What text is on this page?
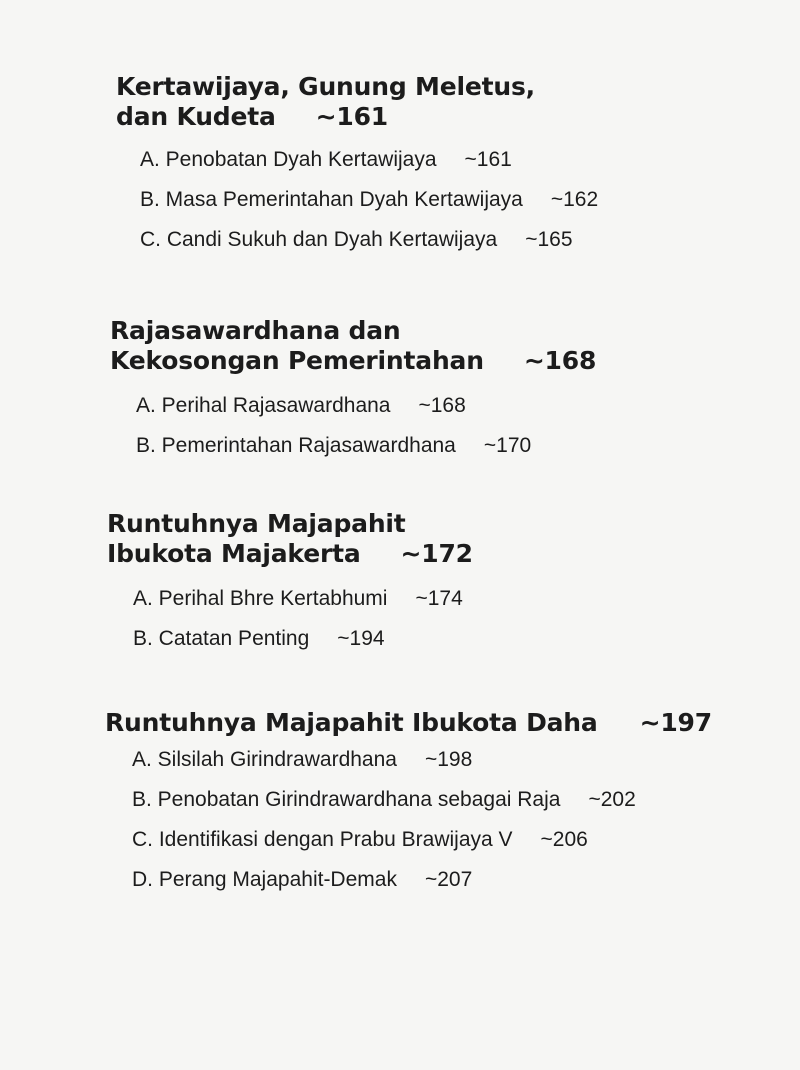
Kertawijaya, Gunung Meletus,
dan Kudeta ~161
A. Penobatan Dyah Kertawijaya ~161
B. Masa Pemerintahan Dyah Kertawijaya ~162
C. Candi Sukuh dan Dyah Kertawijaya ~165
Rajasawardhana dan
Kekosongan Pemerintahan ~168
A. Perihal Rajasawardhana ~168
B. Pemerintahan Rajasawardhana ~170
Runtuhnya Majapahit
Ibukota Majakerta ~172
A. Perihal Bhre Kertabhumi ~174
B. Catatan Penting ~194
Runtuhnya Majapahit Ibukota Daha ~197
A. Silsilah Girindrawardhana ~198
B. Penobatan Girindrawardhana sebagai Raja ~202
C. Identifikasi dengan Prabu Brawijaya V ~206
D. Perang Majapahit-Demak ~207
